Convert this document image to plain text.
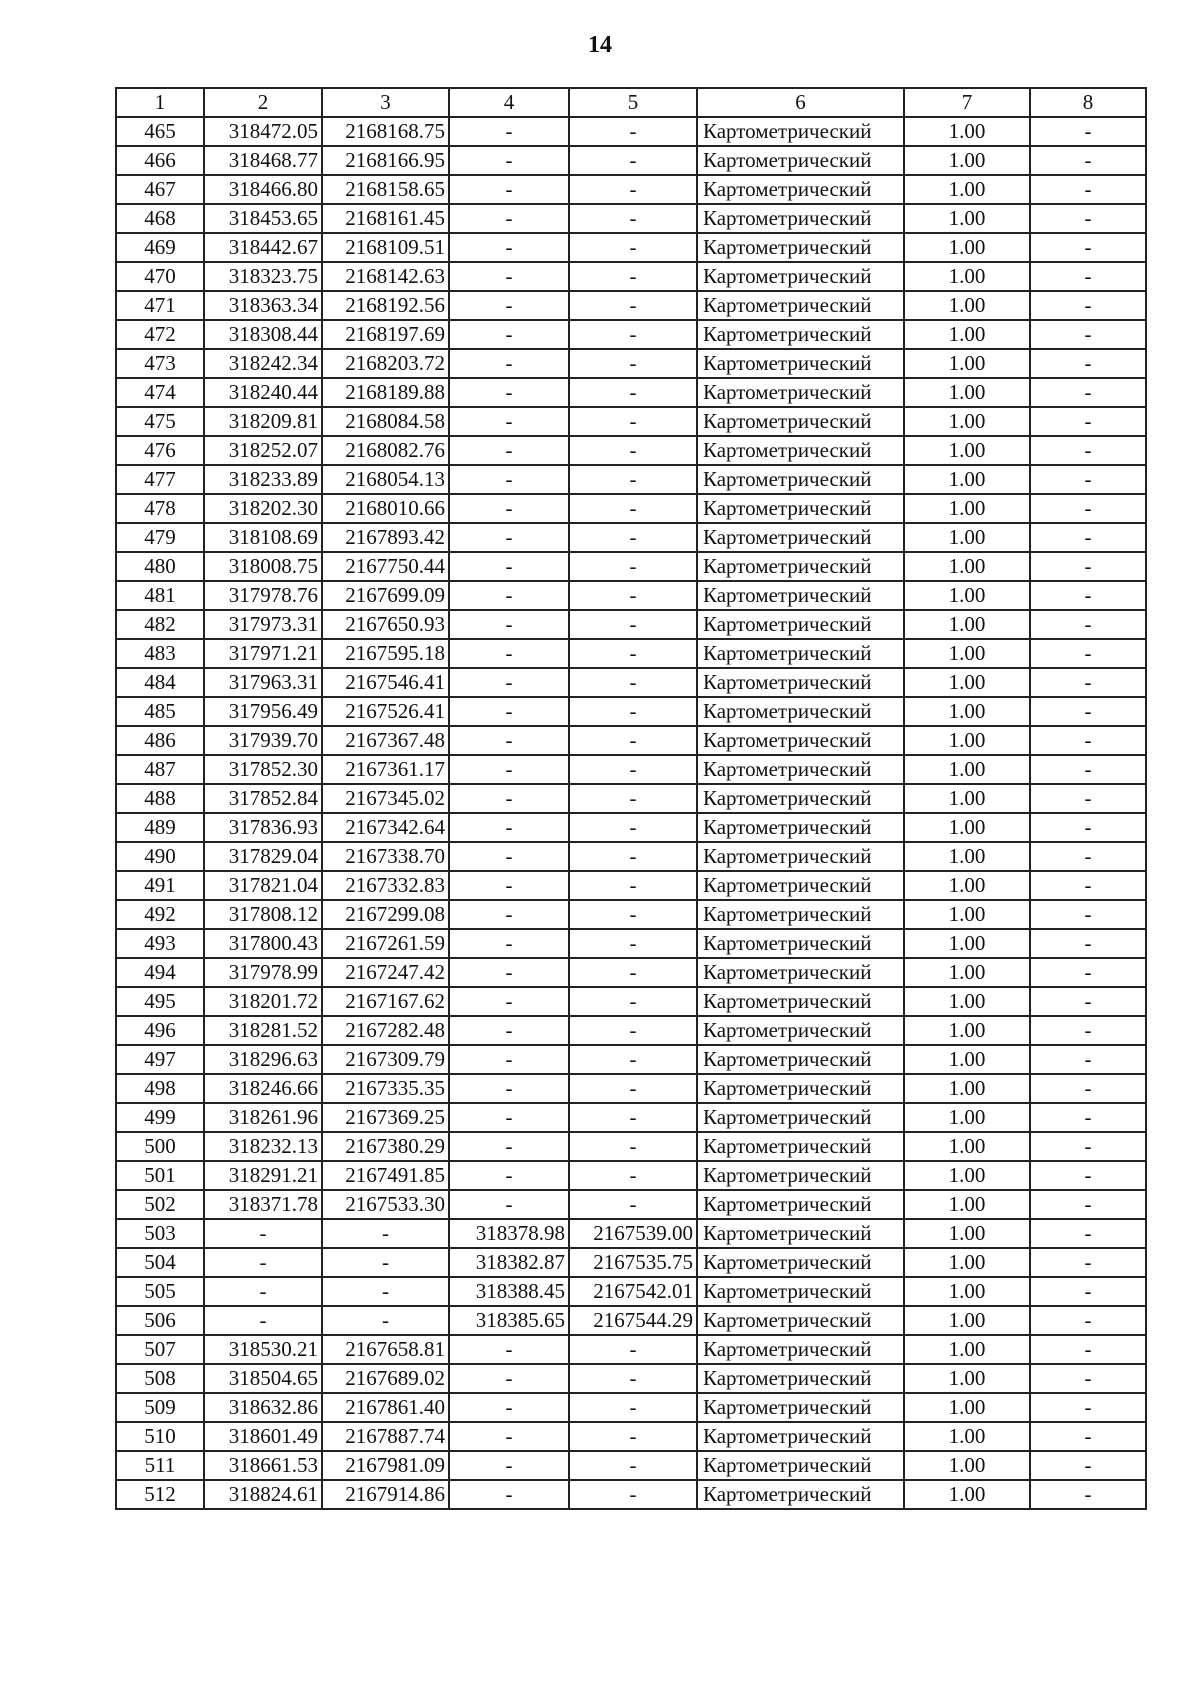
14
1	2	3	4	5	6	7	8
465	318472.05	2168168.75	-	-	Картометрический	1.00	-
466	318468.77	2168166.95	-	-	Картометрический	1.00	-
467	318466.80	2168158.65	-	-	Картометрический	1.00	-
468	318453.65	2168161.45	-	-	Картометрический	1.00	-
469	318442.67	2168109.51	-	-	Картометрический	1.00	-
470	318323.75	2168142.63	-	-	Картометрический	1.00	-
471	318363.34	2168192.56	-	-	Картометрический	1.00	-
472	318308.44	2168197.69	-	-	Картометрический	1.00	-
473	318242.34	2168203.72	-	-	Картометрический	1.00	-
474	318240.44	2168189.88	-	-	Картометрический	1.00	-
475	318209.81	2168084.58	-	-	Картометрический	1.00	-
476	318252.07	2168082.76	-	-	Картометрический	1.00	-
477	318233.89	2168054.13	-	-	Картометрический	1.00	-
478	318202.30	2168010.66	-	-	Картометрический	1.00	-
479	318108.69	2167893.42	-	-	Картометрический	1.00	-
480	318008.75	2167750.44	-	-	Картометрический	1.00	-
481	317978.76	2167699.09	-	-	Картометрический	1.00	-
482	317973.31	2167650.93	-	-	Картометрический	1.00	-
483	317971.21	2167595.18	-	-	Картометрический	1.00	-
484	317963.31	2167546.41	-	-	Картометрический	1.00	-
485	317956.49	2167526.41	-	-	Картометрический	1.00	-
486	317939.70	2167367.48	-	-	Картометрический	1.00	-
487	317852.30	2167361.17	-	-	Картометрический	1.00	-
488	317852.84	2167345.02	-	-	Картометрический	1.00	-
489	317836.93	2167342.64	-	-	Картометрический	1.00	-
490	317829.04	2167338.70	-	-	Картометрический	1.00	-
491	317821.04	2167332.83	-	-	Картометрический	1.00	-
492	317808.12	2167299.08	-	-	Картометрический	1.00	-
493	317800.43	2167261.59	-	-	Картометрический	1.00	-
494	317978.99	2167247.42	-	-	Картометрический	1.00	-
495	318201.72	2167167.62	-	-	Картометрический	1.00	-
496	318281.52	2167282.48	-	-	Картометрический	1.00	-
497	318296.63	2167309.79	-	-	Картометрический	1.00	-
498	318246.66	2167335.35	-	-	Картометрический	1.00	-
499	318261.96	2167369.25	-	-	Картометрический	1.00	-
500	318232.13	2167380.29	-	-	Картометрический	1.00	-
501	318291.21	2167491.85	-	-	Картометрический	1.00	-
502	318371.78	2167533.30	-	-	Картометрический	1.00	-
503	-	-	318378.98	2167539.00	Картометрический	1.00	-
504	-	-	318382.87	2167535.75	Картометрический	1.00	-
505	-	-	318388.45	2167542.01	Картометрический	1.00	-
506	-	-	318385.65	2167544.29	Картометрический	1.00	-
507	318530.21	2167658.81	-	-	Картометрический	1.00	-
508	318504.65	2167689.02	-	-	Картометрический	1.00	-
509	318632.86	2167861.40	-	-	Картометрический	1.00	-
510	318601.49	2167887.74	-	-	Картометрический	1.00	-
511	318661.53	2167981.09	-	-	Картометрический	1.00	-
512	318824.61	2167914.86	-	-	Картометрический	1.00	-
